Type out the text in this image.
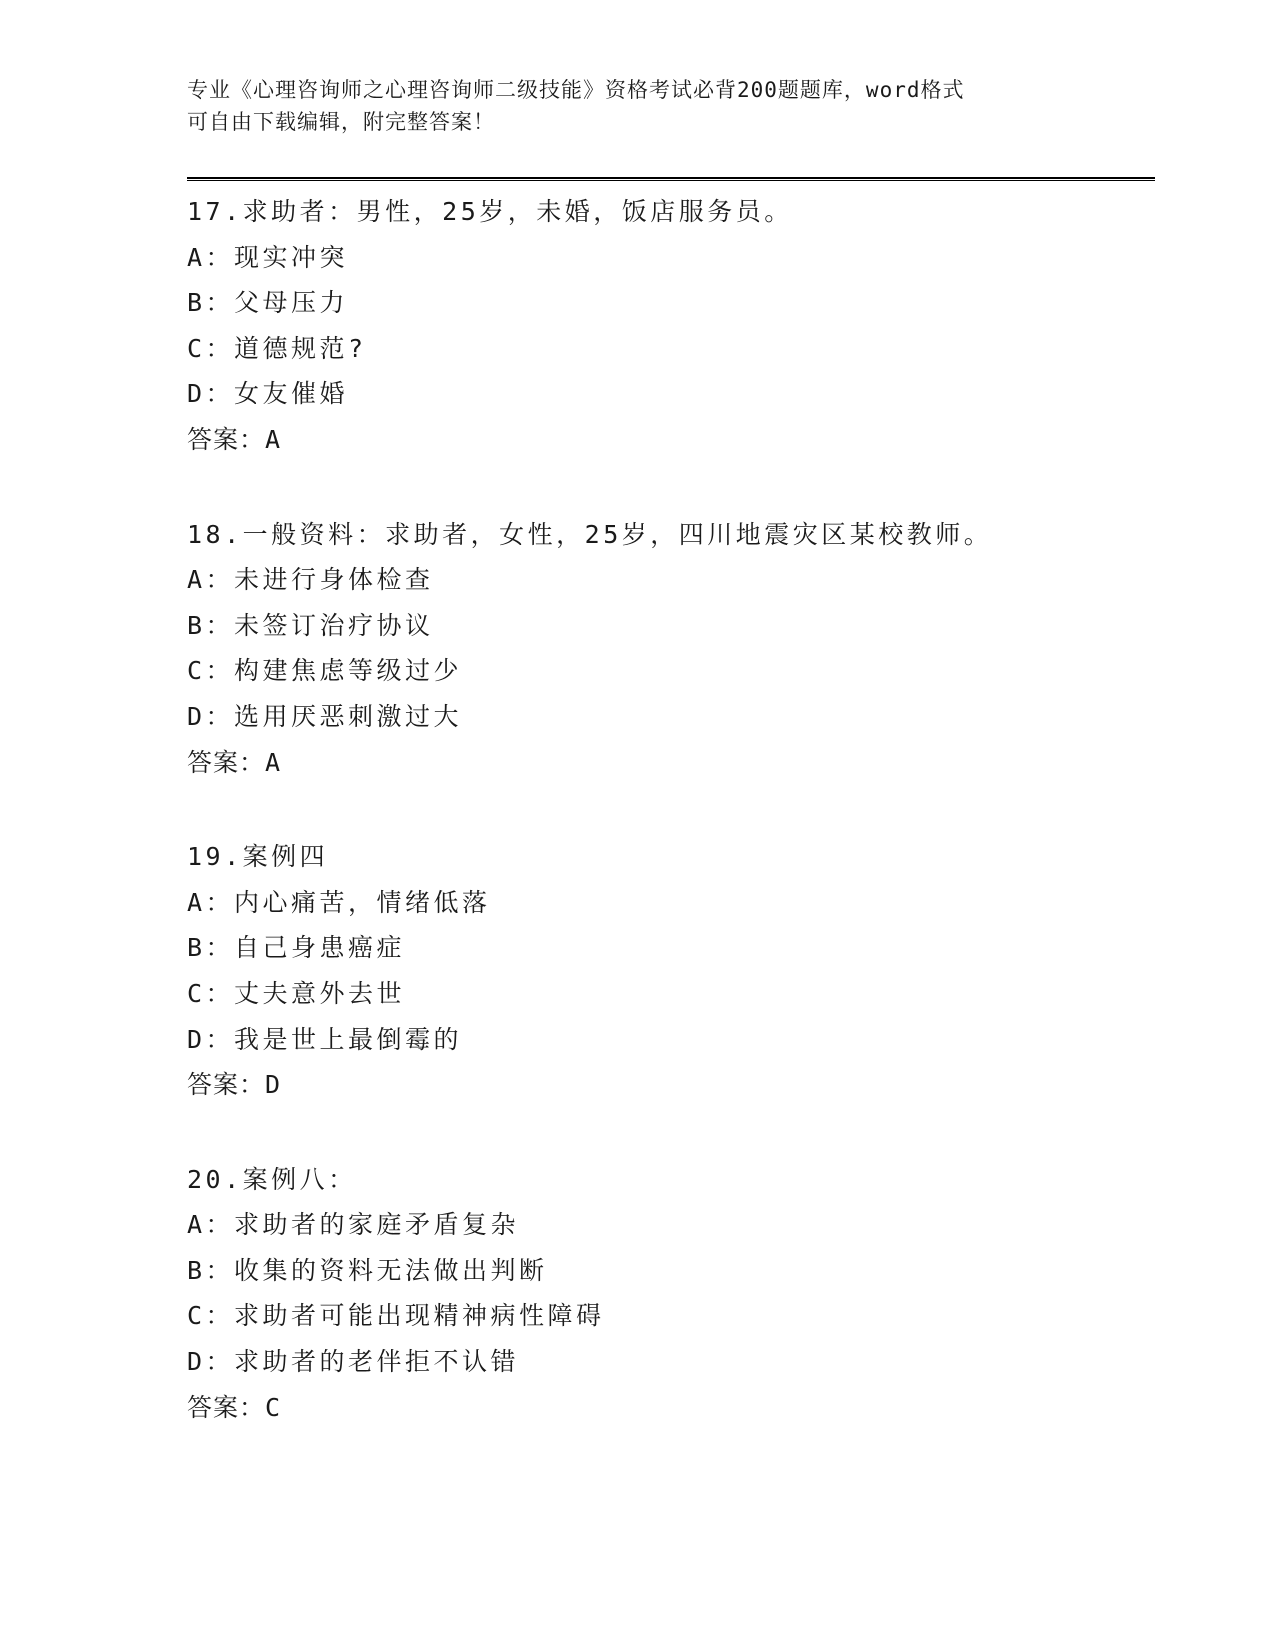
专业《心理咨询师之心理咨询师二级技能》资格考试必背200题题库，word格式
可自由下载编辑，附完整答案！
17.求助者：男性，25岁，未婚，饭店服务员。
A：现实冲突
B：父母压力
C：道德规范?
D：女友催婚
答案：A
18.一般资料：求助者，女性，25岁，四川地震灾区某校教师。
A：未进行身体检查
B：未签订治疗协议
C：构建焦虑等级过少
D：选用厌恶刺激过大
答案：A
19.案例四
A：内心痛苦，情绪低落
B：自己身患癌症
C：丈夫意外去世
D：我是世上最倒霉的
答案：D
20.案例八：
A：求助者的家庭矛盾复杂
B：收集的资料无法做出判断
C：求助者可能出现精神病性障碍
D：求助者的老伴拒不认错
答案：C
